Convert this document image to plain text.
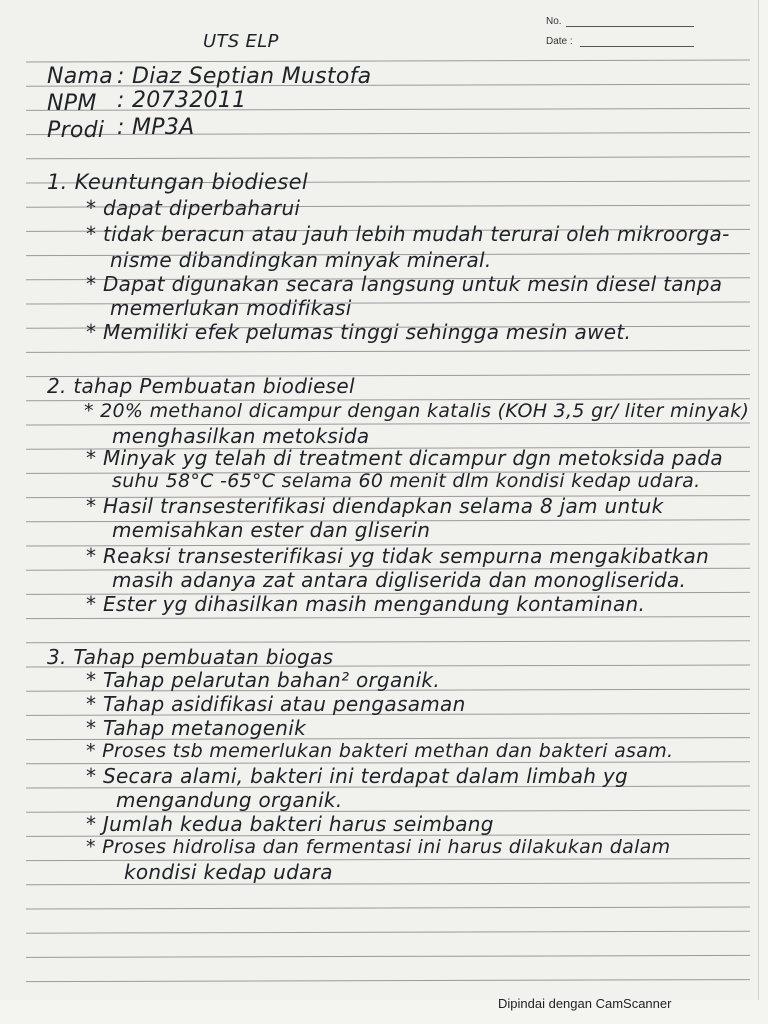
No.
Date :
UTS ELP
Nama : Diaz Septian Mustofa
NPM : 20732011
Prodi : MP3A
1. Keuntungan biodiesel
* dapat diperbaharui
* tidak beracun atau jauh lebih mudah terurai oleh mikroorga-
nisme dibandingkan minyak mineral.
* Dapat digunakan secara langsung untuk mesin diesel tanpa
memerlukan modifikasi
* Memiliki efek pelumas tinggi sehingga mesin awet.
2. tahap Pembuatan biodiesel
* 20% methanol dicampur dengan katalis (KOH 3,5 gr/ liter minyak)
menghasilkan metoksida
* Minyak yg telah di treatment dicampur dgn metoksida pada
suhu 58°C -65°C selama 60 menit dlm kondisi kedap udara.
* Hasil transesterifikasi diendapkan selama 8 jam untuk
memisahkan ester dan gliserin
* Reaksi transesterifikasi yg tidak sempurna mengakibatkan
masih adanya zat antara digliserida dan monogliserida.
* Ester yg dihasilkan masih mengandung kontaminan.
3. Tahap pembuatan biogas
* Tahap pelarutan bahan² organik.
* Tahap asidifikasi atau pengasaman
* Tahap metanogenik
* Proses tsb memerlukan bakteri methan dan bakteri asam.
* Secara alami, bakteri ini terdapat dalam limbah yg
mengandung organik.
* Jumlah kedua bakteri harus seimbang
* Proses hidrolisa dan fermentasi ini harus dilakukan dalam
kondisi kedap udara
Dipindai dengan CamScanner
